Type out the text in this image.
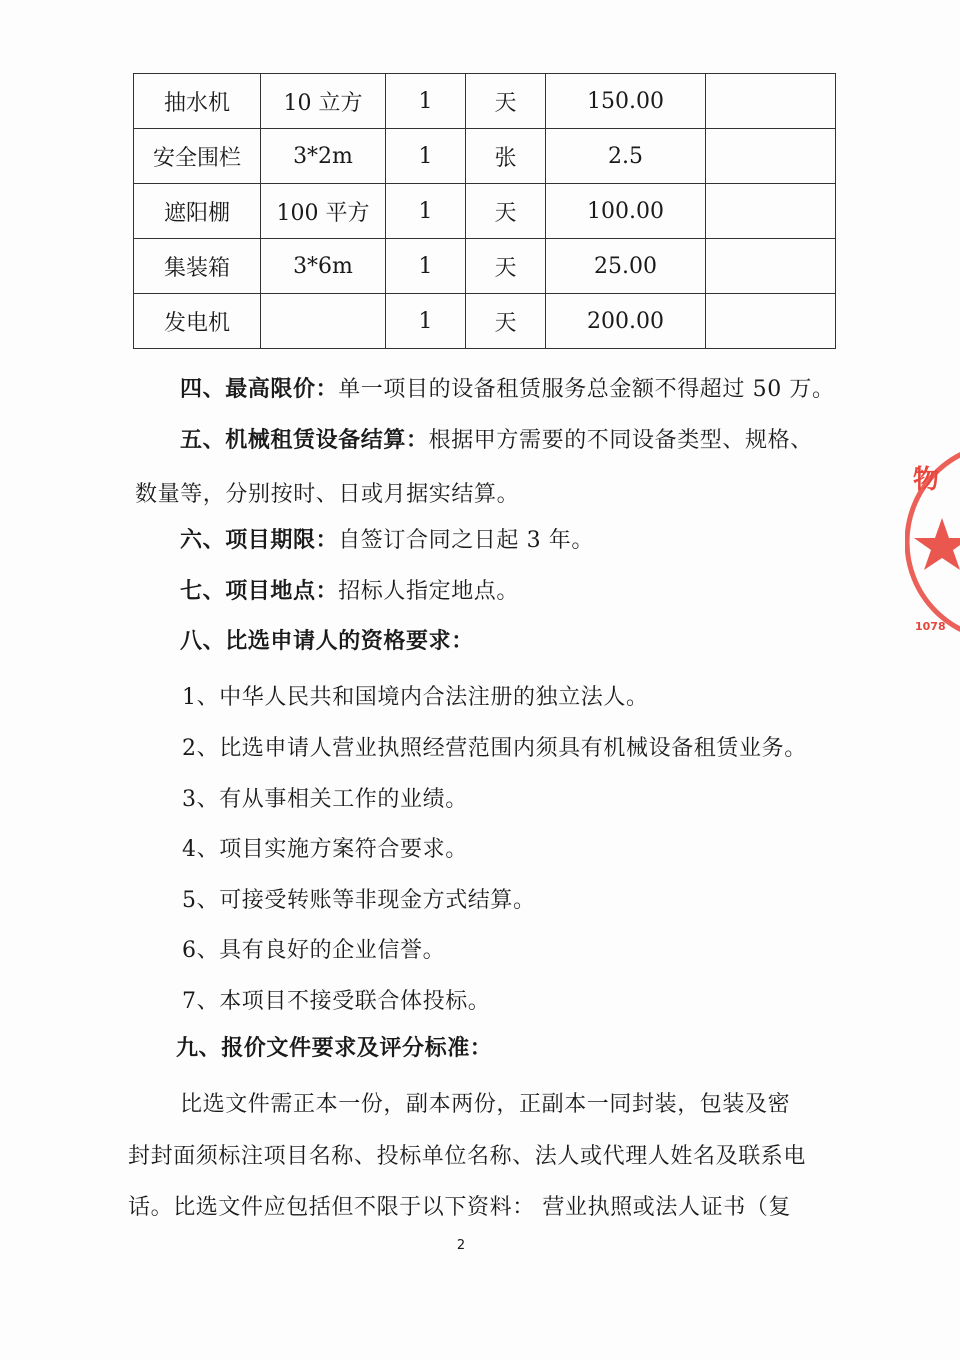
抽水机	10 立方	1	天	150.00	
安全围栏	3*2m	1	张	2.5	
遮阳棚	100 平方	1	天	100.00	
集装箱	3*6m	1	天	25.00	
发电机		1	天	200.00	

四、最高限价：单一项目的设备租赁服务总金额不得超过 50 万。

五、机械租赁设备结算：根据甲方需要的不同设备类型、规格、

数量等，分别按时、日或月据实结算。

六、项目期限：自签订合同之日起 3 年。

七、项目地点：招标人指定地点。

八、比选申请人的资格要求：

1、中华人民共和国境内合法注册的独立法人。

2、比选申请人营业执照经营范围内须具有机械设备租赁业务。

3、有从事相关工作的业绩。

4、项目实施方案符合要求。

5、可接受转账等非现金方式结算。

6、具有良好的企业信誉。

7、本项目不接受联合体投标。

九、报价文件要求及评分标准：

比选文件需正本一份，副本两份，正副本一同封装，包装及密

封封面须标注项目名称、投标单位名称、法人或代理人姓名及联系电

话。比选文件应包括但不限于以下资料： 营业执照或法人证书（复

2
物
1078
